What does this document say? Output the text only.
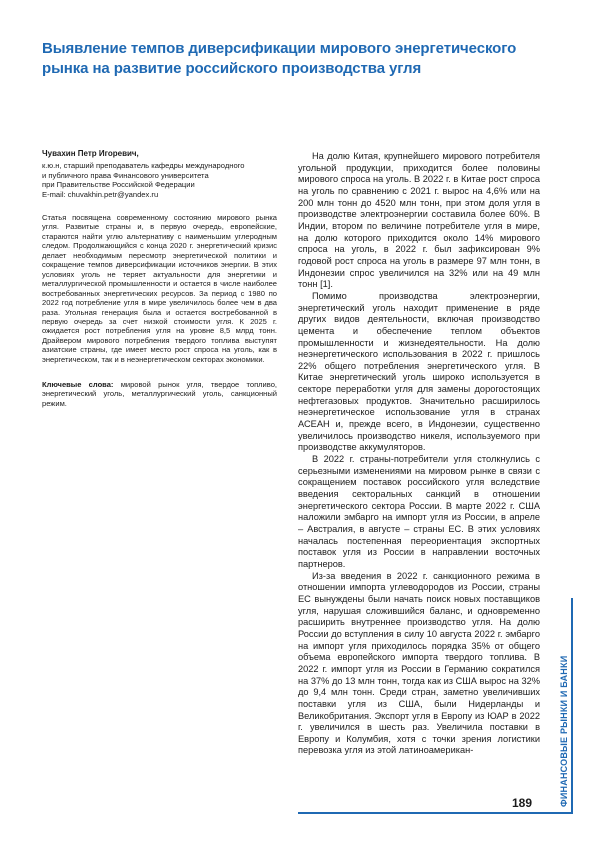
Выявление темпов диверсификации мирового энергетического рынка на развитие российского производства угля
Чувахин Петр Игоревич,
к.ю.н, старший преподаватель кафедры международного
и публичного права Финансового университета
при Правительстве Российской Федерации
E-mail: chuvakhin.petr@yandex.ru
Статья посвящена современному состоянию мирового рынка угля. Развитые страны и, в первую очередь, европейские, стараются найти углю альтернативу с наименьшим углеродным следом. Продолжающийся с конца 2020 г. энергетический кризис делает необходимым пересмотр энергетической политики и сокращение темпов диверсификации источников энергии. В этих условиях уголь не теряет актуальности для энергетики и металлургической промышленности и остается в числе наиболее востребованных энергетических ресурсов. За период с 1980 по 2022 год потребление угля в мире увеличилось более чем в два раза. Угольная генерация была и остается востребованной в первую очередь за счет низкой стоимости угля. К 2025 г. ожидается рост потребления угля на уровне 8,5 млрд тонн. Драйвером мирового потребления твердого топлива выступят азиатские страны, где имеет место рост спроса на уголь, как в энергетическом, так и в неэнергетическом секторах экономики.
Ключевые слова: мировой рынок угля, твердое топливо, энергетический уголь, металлургический уголь, санкционный режим.

На долю Китая, крупнейшего мирового потребителя угольной продукции, приходится более половины мирового спроса на уголь. В 2022 г. в Китае рост спроса на уголь по сравнению с 2021 г. вырос на 4,6% или на 200 млн тонн до 4520 млн тонн, при этом доля угля в производстве электроэнергии составила более 60%. В Индии, втором по величине потребителе угля в мире, на долю которого приходится около 14% мирового спроса на уголь, в 2022 г. был зафиксирован 9% годовой рост спроса на уголь в размере 97 млн тонн, в Индонезии спрос увеличился на 32% или на 49 млн тонн [1].

Помимо производства электроэнергии, энергетический уголь находит применение в ряде других видов деятельности, включая производство цемента и обеспечение теплом объектов промышленности и жизнедеятельности. На долю неэнергетического использования в 2022 г. пришлось 22% общего потребления энергетического угля. В Китае энергетический уголь широко используется в секторе переработки угля для замены дорогостоящих нефтегазовых продуктов. Значительно расширилось неэнергетическое использование угля в странах АСЕАН и, прежде всего, в Индонезии, существенно увеличилось производство никеля, используемого при производстве аккумуляторов.

В 2022 г. страны-потребители угля столкнулись с серьезными изменениями на мировом рынке в связи с сокращением поставок российского угля вследствие введения секторальных санкций в отношении энергетического сектора России. В марте 2022 г. США наложили эмбарго на импорт угля из России, в апреле – Австралия, в августе – страны ЕС. В этих условиях началась постепенная переориентация экспортных поставок угля из России в направлении восточных партнеров.

Из-за введения в 2022 г. санкционного режима в отношении импорта углеводородов из России, страны ЕС вынуждены были начать поиск новых поставщиков угля, нарушая сложившийся баланс, и одновременно расширить внутреннее производство угля. На долю России до вступления в силу 10 августа 2022 г. эмбарго на импорт угля приходилось порядка 35% от общего объема европейского импорта твердого топлива. В 2022 г. импорт угля из России в Германию сократился на 37% до 13 млн тонн, тогда как из США вырос на 32% до 9,4 млн тонн. Среди стран, заметно увеличивших поставки угля из США, были Нидерланды и Великобритания. Экспорт угля в Европу из ЮАР в 2022 г. увеличился в шесть раз. Увеличила поставки в Европу и Колумбия, хотя с точки зрения логистики перевозка угля из этой латиноамерикан-	ФИНАНСОВЫЕ РЫНКИ И БАНКИ
189
